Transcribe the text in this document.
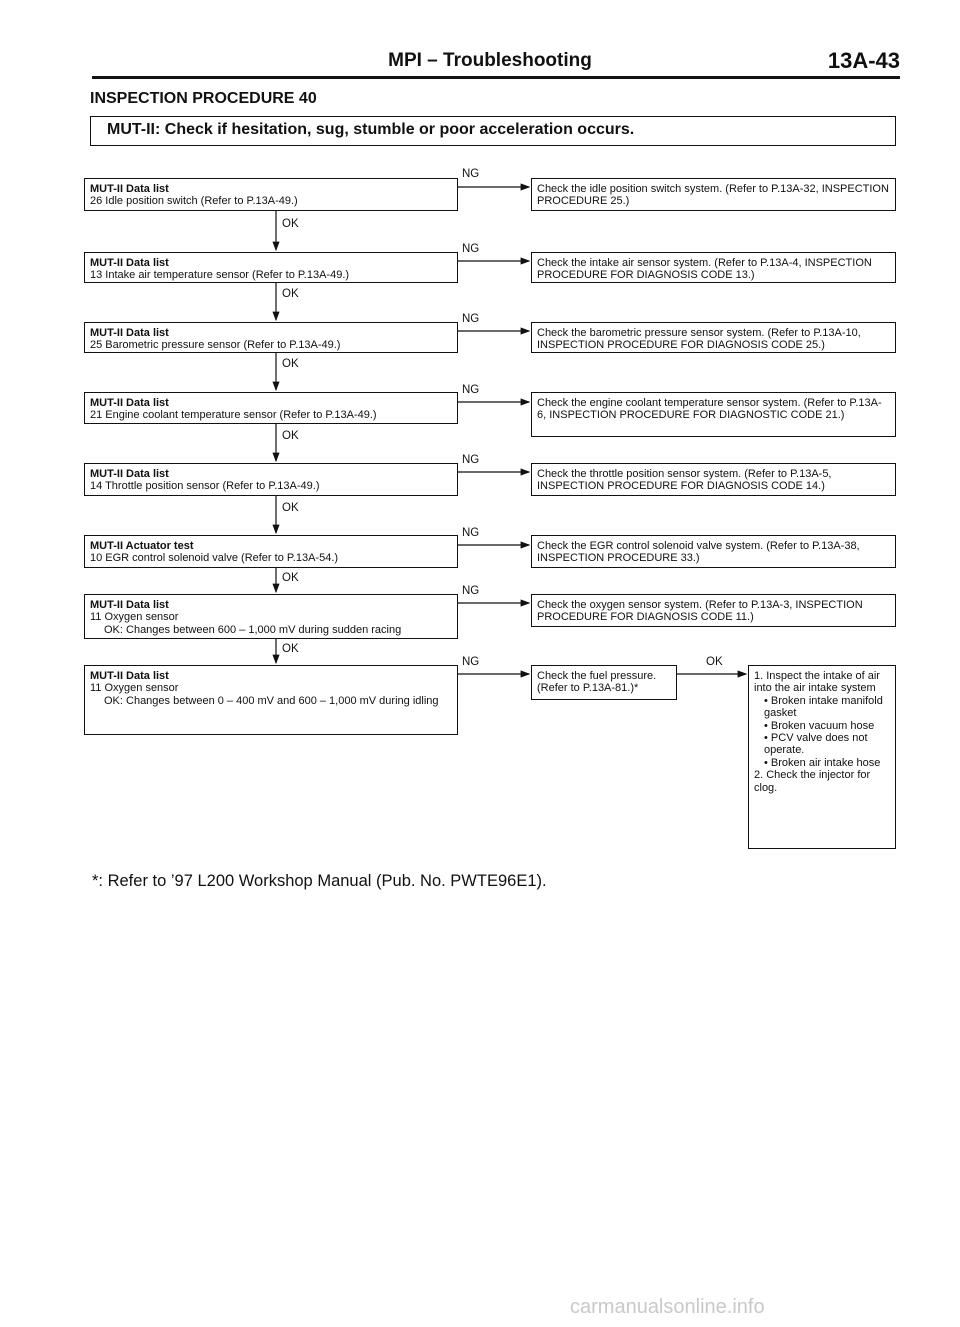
MPI – Troubleshooting	13A-43
INSPECTION PROCEDURE 40
MUT-II: Check if hesitation, sug, stumble or poor acceleration occurs.
NG
NG
NG
NG
NG
NG
NG
NG	OK
OK
OK
OK
OK
OK
OK
OK
MUT-II Data list
26 Idle position switch (Refer to P.13A-49.)
MUT-II Data list
13 Intake air temperature sensor (Refer to P.13A-49.)
MUT-II Data list
25 Barometric pressure sensor (Refer to P.13A-49.)
MUT-II Data list
21 Engine coolant temperature sensor (Refer to P.13A-49.)
MUT-II Data list
14 Throttle position sensor (Refer to P.13A-49.)
MUT-II Actuator test
10 EGR control solenoid valve (Refer to P.13A-54.)
MUT-II Data list
11 Oxygen sensor
OK: Changes between 600 – 1,000 mV during sudden racing
MUT-II Data list
11 Oxygen sensor
OK: Changes between 0 – 400 mV and 600 – 1,000 mV during idling
Check the idle position switch system. (Refer to P.13A-32, INSPECTION PROCEDURE 25.)
Check the intake air sensor system. (Refer to P.13A-4, INSPECTION PROCEDURE FOR DIAGNOSIS CODE 13.)
Check the barometric pressure sensor system. (Refer to P.13A-10, INSPECTION PROCEDURE FOR DIAGNOSIS CODE 25.)
Check the engine coolant temperature sensor system. (Refer to P.13A-6, INSPECTION PROCEDURE FOR DIAGNOSTIC CODE 21.)
Check the throttle position sensor system. (Refer to P.13A-5, INSPECTION PROCEDURE FOR DIAGNOSIS CODE 14.)
Check the EGR control solenoid valve system. (Refer to P.13A-38, INSPECTION PROCEDURE 33.)
Check the oxygen sensor system. (Refer to P.13A-3, INSPECTION PROCEDURE FOR DIAGNOSIS CODE 11.)
Check the fuel pressure. (Refer to P.13A-81.)*
1. Inspect the intake of air into the air intake system
• Broken intake manifold gasket
• Broken vacuum hose
• PCV valve does not operate.
• Broken air intake hose
2. Check the injector for clog.
*: Refer to ’97 L200 Workshop Manual (Pub. No. PWTE96E1).
carmanualsonline.info
